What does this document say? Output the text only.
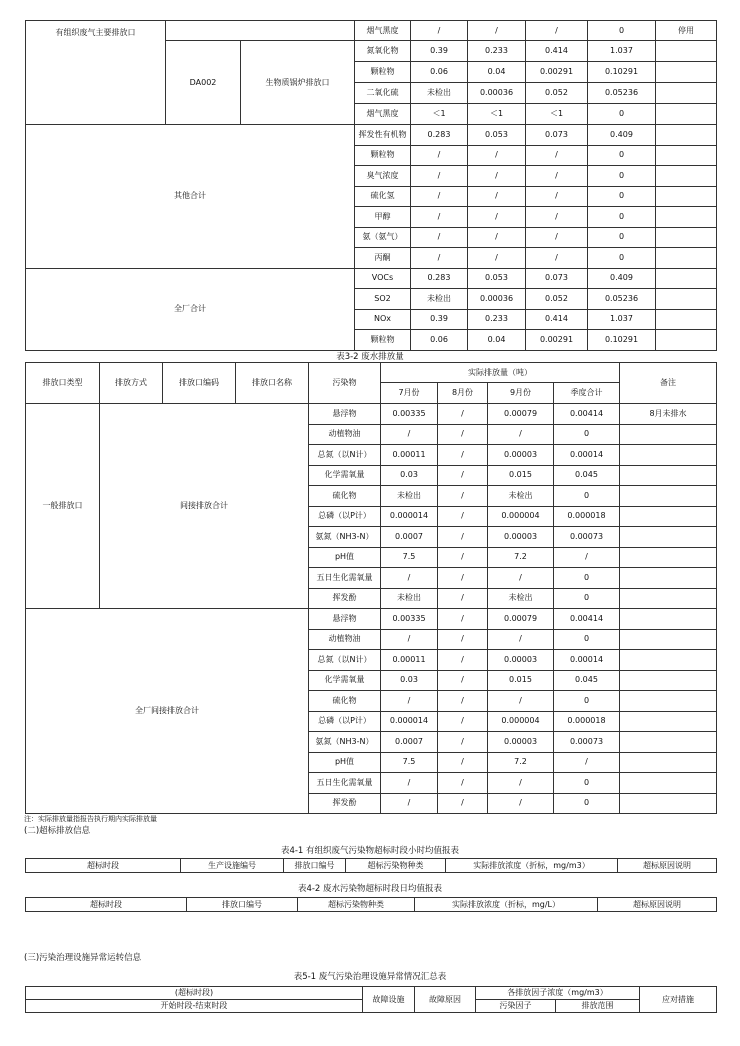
有组织废气主要排放口			烟气黑度	/	/	/	0	停用
	DA002	生物质锅炉排放口	氮氧化物	0.39	0.233	0.414	1.037	
			颗粒物	0.06	0.04	0.00291	0.10291	
			二氧化硫	未检出	0.00036	0.052	0.05236	
			烟气黑度	＜1	＜1	＜1	0	
其他合计			挥发性有机物	0.283	0.053	0.073	0.409	
			颗粒物	/	/	/	0	
			臭气浓度	/	/	/	0	
			硫化氢	/	/	/	0	
			甲醇	/	/	/	0	
			氨（氨气）	/	/	/	0	
			丙酮	/	/	/	0	
全厂合计			VOCs	0.283	0.053	0.073	0.409	
			SO2	未检出	0.00036	0.052	0.05236	
			NOx	0.39	0.233	0.414	1.037	
			颗粒物	0.06	0.04	0.00291	0.10291	
表3-2 废水排放量
排放口类型	排放方式	排放口编码	排放口名称	污染物	实际排放量（吨）				备注
					7月份	8月份	9月份	季度合计	
一般排放口	间接排放合计			悬浮物	0.00335	/	0.00079	0.00414	8月未排水
				动植物油	/	/	/	0	
				总氮（以N计）	0.00011	/	0.00003	0.00014	
				化学需氧量	0.03	/	0.015	0.045	
				硫化物	未检出	/	未检出	0	
				总磷（以P计）	0.000014	/	0.000004	0.000018	
				氨氮（NH3-N）	0.0007	/	0.00003	0.00073	
				pH值	7.5	/	7.2	/	
				五日生化需氧量	/	/	/	0	
				挥发酚	未检出	/	未检出	0	
全厂间接排放合计				悬浮物	0.00335	/	0.00079	0.00414	
				动植物油	/	/	/	0	
				总氮（以N计）	0.00011	/	0.00003	0.00014	
				化学需氧量	0.03	/	0.015	0.045	
				硫化物	/	/	/	0	
				总磷（以P计）	0.000014	/	0.000004	0.000018	
				氨氮（NH3-N）	0.0007	/	0.00003	0.00073	
				pH值	7.5	/	7.2	/	
				五日生化需氧量	/	/	/	0	
				挥发酚	/	/	/	0	
注：实际排放量指报告执行期内实际排放量
(二)超标排放信息
表4-1 有组织废气污染物超标时段小时均值报表
超标时段	生产设施编号	排放口编号	超标污染物种类	实际排放浓度（折标，mg/m3）	超标原因说明
表4-2 废水污染物超标时段日均值报表
超标时段	排放口编号	超标污染物种类	实际排放浓度（折标，mg/L）	超标原因说明
(三)污染治理设施异常运转信息
表5-1 废气污染治理设施异常情况汇总表
(超标时段)	故障设施	故障原因	各排放因子浓度（mg/m3）		应对措施
开始时段-结束时段			污染因子	排放范围	
